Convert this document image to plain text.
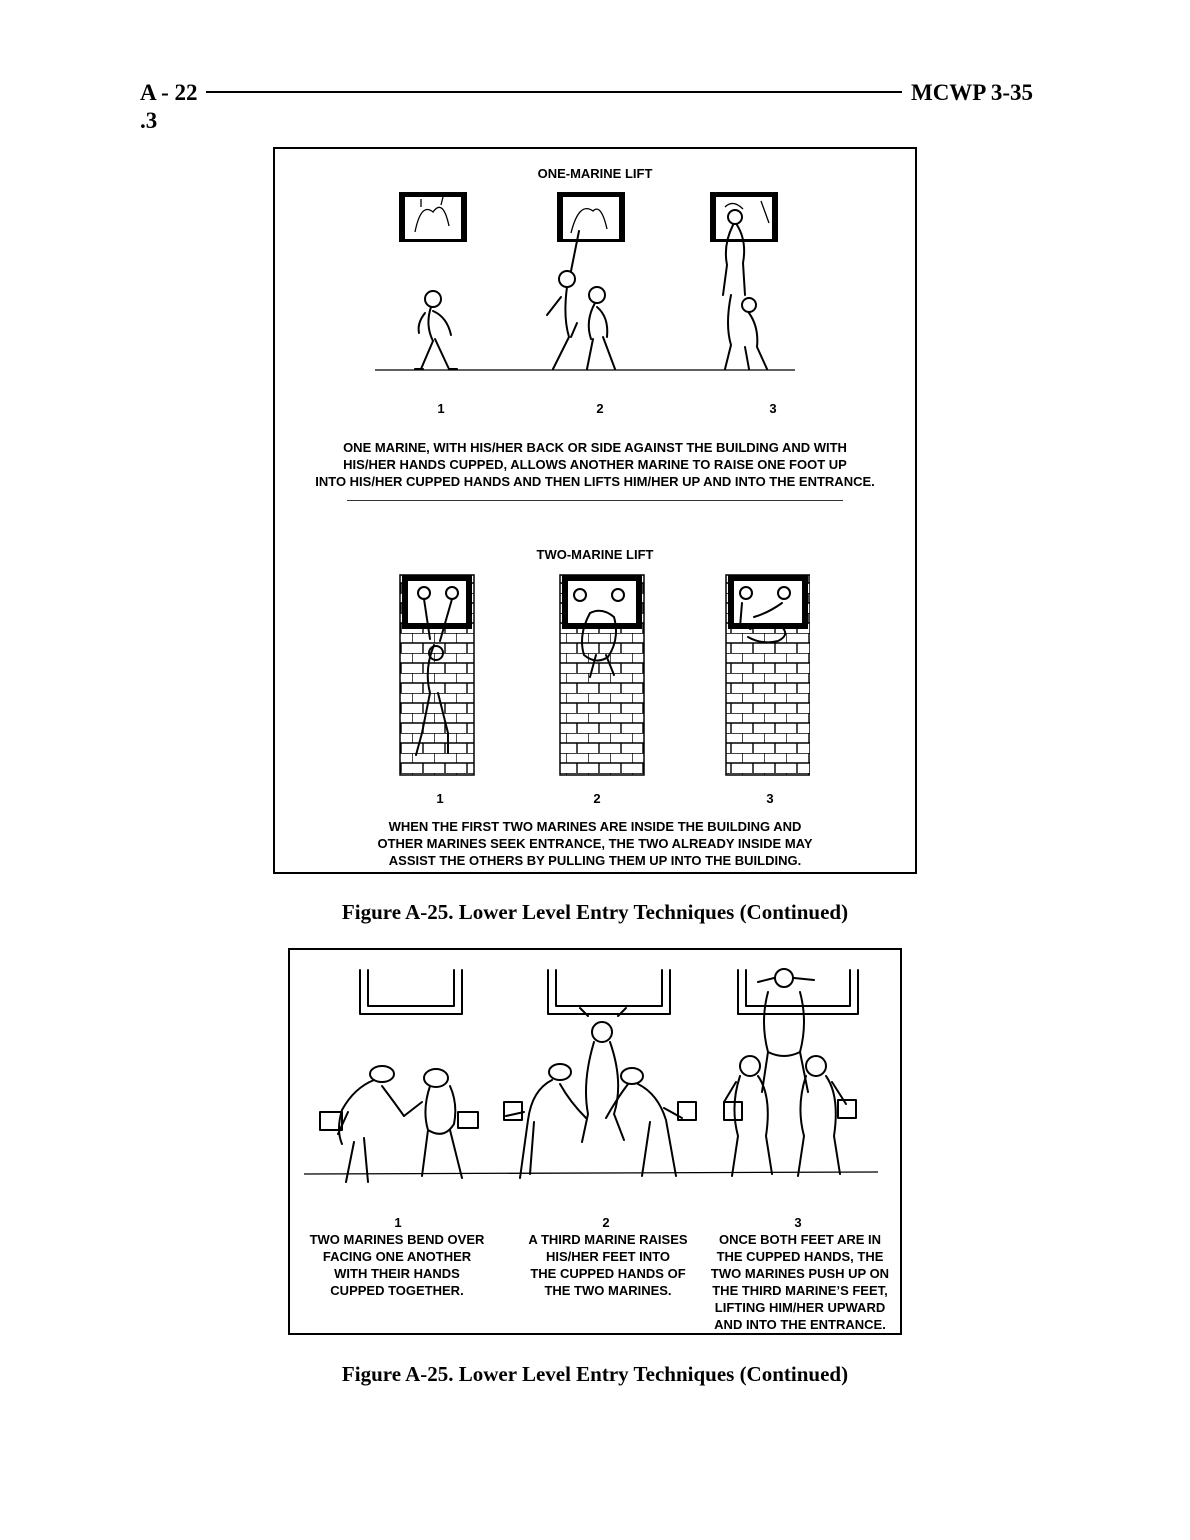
A - 22
.3
MCWP 3-35
ONE-MARINE LIFT
1	2	3
ONE MARINE, WITH HIS/HER BACK OR SIDE AGAINST THE BUILDING AND WITH
HIS/HER HANDS CUPPED, ALLOWS ANOTHER MARINE TO RAISE ONE FOOT UP
INTO HIS/HER CUPPED HANDS AND THEN LIFTS HIM/HER UP AND INTO THE ENTRANCE.
TWO-MARINE LIFT
1	2	3
WHEN THE FIRST TWO MARINES ARE INSIDE THE BUILDING AND
OTHER MARINES SEEK ENTRANCE, THE TWO ALREADY INSIDE MAY
ASSIST THE OTHERS BY PULLING THEM UP INTO THE BUILDING.
Figure A-25. Lower Level Entry Techniques (Continued)
1	2	3
TWO MARINES BEND OVER
FACING ONE ANOTHER
WITH THEIR HANDS
CUPPED TOGETHER.
A THIRD MARINE RAISES
HIS/HER FEET INTO
THE CUPPED HANDS OF
THE TWO MARINES.
ONCE BOTH FEET ARE IN
THE CUPPED HANDS, THE
TWO MARINES PUSH UP ON
THE THIRD MARINE’S FEET,
LIFTING HIM/HER UPWARD
AND INTO THE ENTRANCE.
Figure A-25. Lower Level Entry Techniques (Continued)
